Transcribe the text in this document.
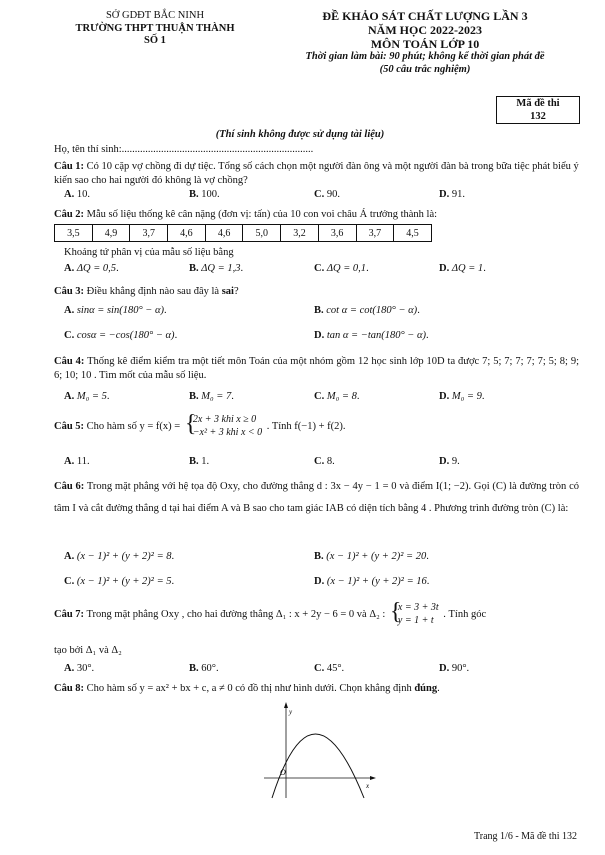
SỞ GDĐT BẮC NINH
TRƯỜNG THPT THUẬN THÀNH
SỐ 1
ĐỀ KHẢO SÁT CHẤT LƯỢNG LẦN 3
NĂM HỌC 2022-2023
MÔN TOÁN LỚP 10
Thời gian làm bài: 90 phút; không kể thời gian phát đề
(50 câu trắc nghiệm)
Mã đề thi
132
(Thí sinh không được sử dụng tài liệu)
Họ, tên thí sinh:.........................................................................
Câu 1: Có 10 cặp vợ chồng đi dự tiệc. Tổng số cách chọn một người đàn ông và một người đàn bà trong bữa tiệc phát biểu ý kiến sao cho hai người đó không là vợ chồng?
A. 10.	B. 100.	C. 90.	D. 91.
Câu 2: Mẫu số liệu thống kê cân nặng (đơn vị: tấn) của 10 con voi châu Á trưởng thành là:
3,5	4,9	3,7	4,6	4,6	5,0	3,2	3,6	3,7	4,5
Khoảng tứ phân vị của mẫu số liệu bằng
A. ΔQ = 0,5.	B. ΔQ = 1,3.	C. ΔQ = 0,1.	D. ΔQ = 1.
Câu 3: Điều khẳng định nào sau đây là sai?
A. sinα = sin(180° − α).	B. cot α = cot(180° − α).
C. cosα = −cos(180° − α).	D. tan α = −tan(180° − α).
Câu 4: Thống kê điểm kiểm tra một tiết môn Toán của một nhóm gồm 12 học sinh lớp 10D ta được 7; 5; 7; 7; 7; 7; 5; 8; 9; 6; 10; 10 . Tìm mốt của mẫu số liệu.
A. M₀ = 5.	B. M₀ = 7.	C. M₀ = 8.	D. M₀ = 9.
Câu 5: Cho hàm số y = f(x) = {
2x + 3 khi x ≥ 0
−x² + 3 khi x < 0
. Tính f(−1) + f(2).
A. 11.	B. 1.	C. 8.	D. 9.
Câu 6: Trong mặt phẳng với hệ tọa độ Oxy, cho đường thẳng d : 3x − 4y − 1 = 0 và điểm I(1; −2). Gọi (C) là đường tròn có tâm I và cắt đường thẳng d tại hai điểm A và B sao cho tam giác IAB có diện tích bằng 4 . Phương trình đường tròn (C) là:
A. (x − 1)² + (y + 2)² = 8.	B. (x − 1)² + (y + 2)² = 20.
C. (x − 1)² + (y + 2)² = 5.	D. (x − 1)² + (y + 2)² = 16.
Câu 7: Trong mặt phẳng Oxy , cho hai đường thẳng Δ₁ : x + 2y − 6 = 0 và Δ₂ : {
x = 3 + 3t
y = 1 + t
. Tính góc
tạo bởi Δ₁ và Δ₂
A. 30°.	B. 60°.	C. 45°.	D. 90°.
Câu 8: Cho hàm số y = ax² + bx + c, a ≠ 0 có đồ thị như hình dưới. Chọn khẳng định đúng.
O
y
x
Trang 1/6 - Mã đề thi 132
